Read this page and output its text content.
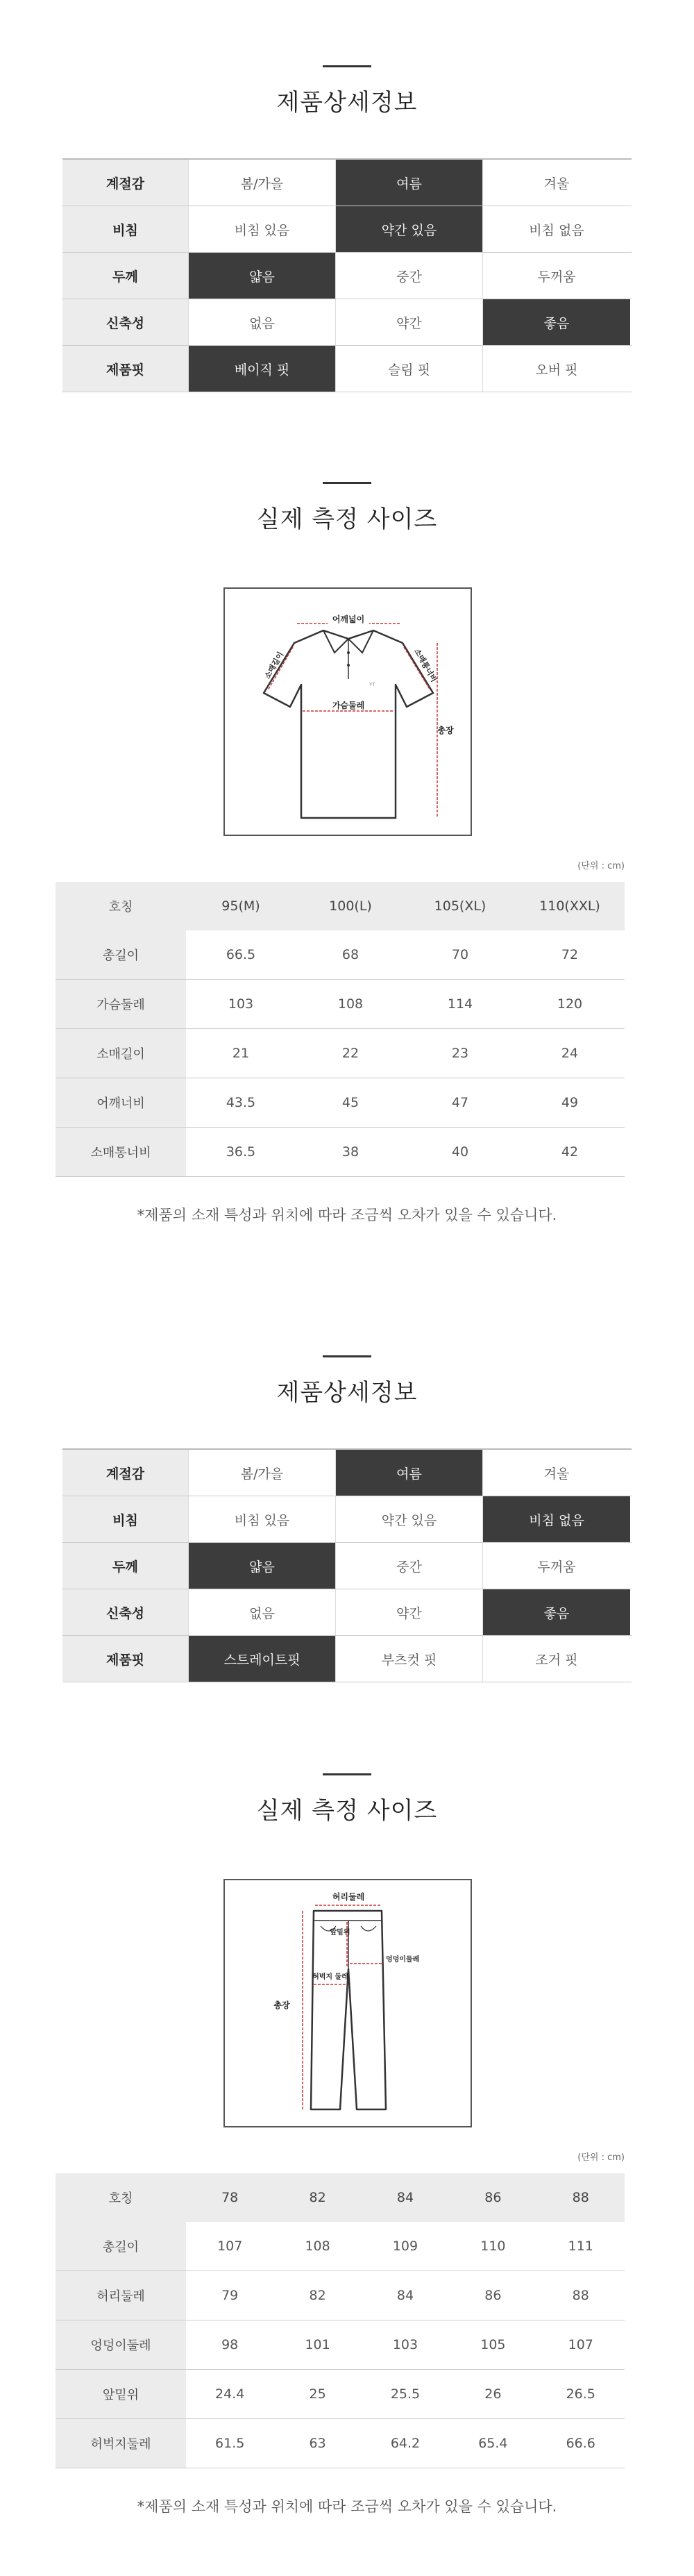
제품상세정보
계절감	봄/가을	여름	겨울
비침	비침 있음	약간 있음	비침 없음
두께	얇음	중간	두꺼움
신축성	없음	약간	좋음
제품핏	베이직 핏	슬림 핏	오버 핏
실제 측정 사이즈
YT
어깨넓이
소매길이	소매통너비
가슴둘레
총장
(단위 : cm)
호칭	95(M)	100(L)	105(XL)	110(XXL)
총길이	66.5	68	70	72
가슴둘레	103	108	114	120
소매길이	21	22	23	24
어깨너비	43.5	45	47	49
소매통너비	36.5	38	40	42
*제품의 소재 특성과 위치에 따라 조금씩 오차가 있을 수 있습니다.
제품상세정보
계절감	봄/가을	여름	겨울
비침	비침 있음	약간 있음	비침 없음
두께	얇음	중간	두꺼움
신축성	없음	약간	좋음
제품핏	스트레이트핏	부츠컷 핏	조거 핏
실제 측정 사이즈
허리둘레
앞밑위
엉덩이둘레
허벅지 둘레
총장
(단위 : cm)
호칭	78	82	84	86	88
총길이	107	108	109	110	111
허리둘레	79	82	84	86	88
엉덩이둘레	98	101	103	105	107
앞밑위	24.4	25	25.5	26	26.5
허벅지둘레	61.5	63	64.2	65.4	66.6
*제품의 소재 특성과 위치에 따라 조금씩 오차가 있을 수 있습니다.
